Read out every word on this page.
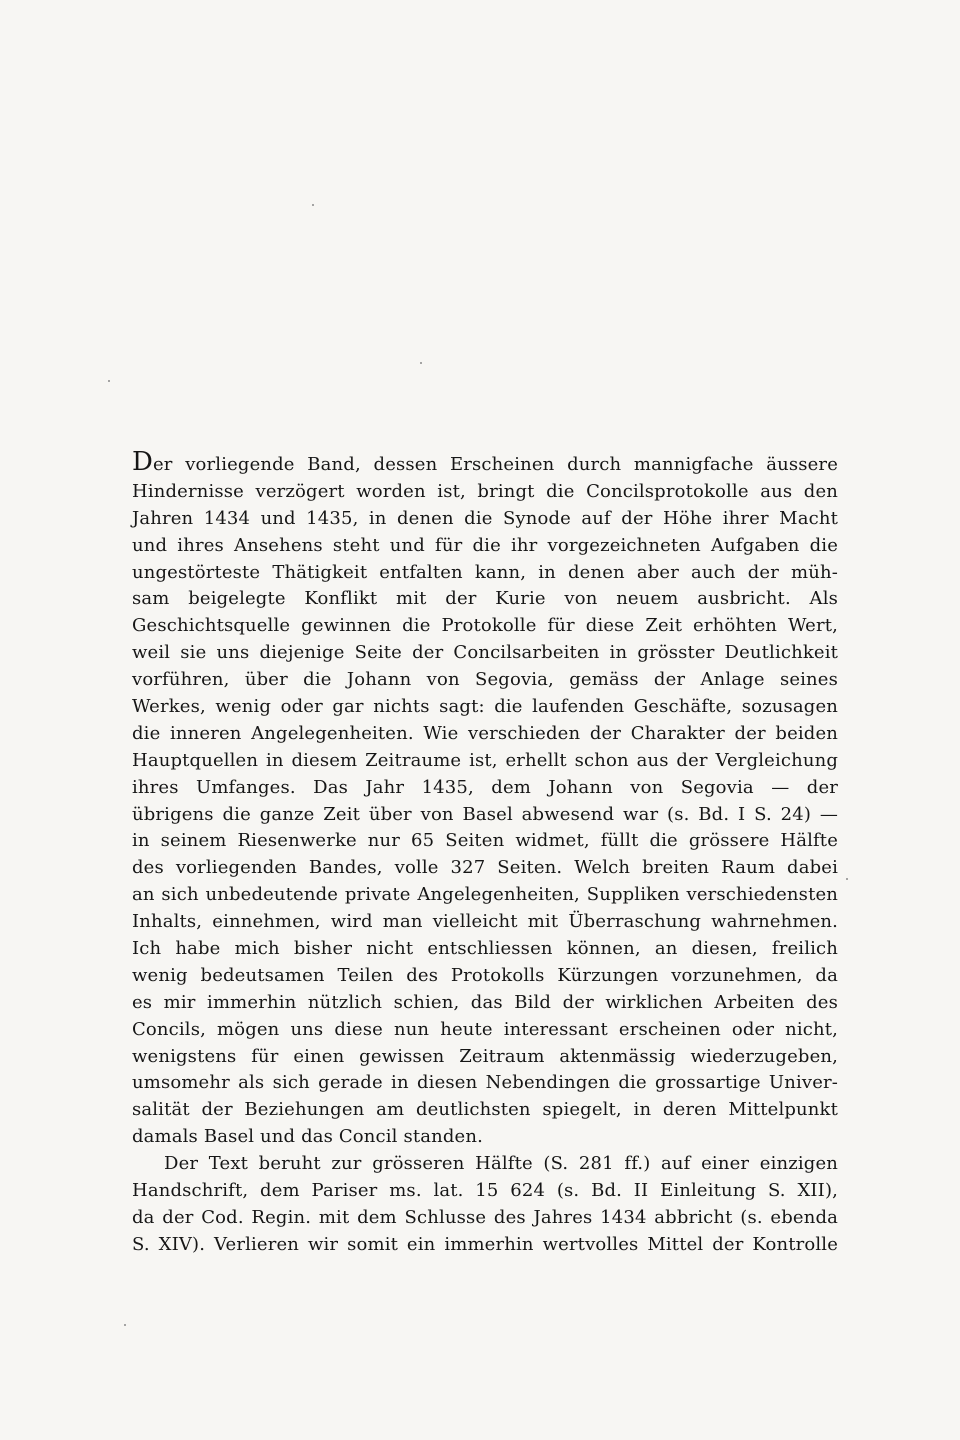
Der vorliegende Band, dessen Erscheinen durch mannigfache äussere
Hindernisse verzögert worden ist, bringt die Concilsprotokolle aus den
Jahren 1434 und 1435, in denen die Synode auf der Höhe ihrer Macht
und ihres Ansehens steht und für die ihr vorgezeichneten Aufgaben die
ungestörteste Thätigkeit entfalten kann, in denen aber auch der müh-
sam beigelegte Konflikt mit der Kurie von neuem ausbricht. Als
Geschichtsquelle gewinnen die Protokolle für diese Zeit erhöhten Wert,
weil sie uns diejenige Seite der Concilsarbeiten in grösster Deutlichkeit
vorführen, über die Johann von Segovia, gemäss der Anlage seines
Werkes, wenig oder gar nichts sagt: die laufenden Geschäfte, sozusagen
die inneren Angelegenheiten. Wie verschieden der Charakter der beiden
Hauptquellen in diesem Zeitraume ist, erhellt schon aus der Vergleichung
ihres Umfanges. Das Jahr 1435, dem Johann von Segovia — der
übrigens die ganze Zeit über von Basel abwesend war (s. Bd. I S. 24) —
in seinem Riesenwerke nur 65 Seiten widmet, füllt die grössere Hälfte
des vorliegenden Bandes, volle 327 Seiten. Welch breiten Raum dabei
an sich unbedeutende private Angelegenheiten, Suppliken verschiedensten
Inhalts, einnehmen, wird man vielleicht mit Überraschung wahrnehmen.
Ich habe mich bisher nicht entschliessen können, an diesen, freilich
wenig bedeutsamen Teilen des Protokolls Kürzungen vorzunehmen, da
es mir immerhin nützlich schien, das Bild der wirklichen Arbeiten des
Concils, mögen uns diese nun heute interessant erscheinen oder nicht,
wenigstens für einen gewissen Zeitraum aktenmässig wiederzugeben,
umsomehr als sich gerade in diesen Nebendingen die grossartige Univer-
salität der Beziehungen am deutlichsten spiegelt, in deren Mittelpunkt
damals Basel und das Concil standen.
Der Text beruht zur grösseren Hälfte (S. 281 ff.) auf einer einzigen
Handschrift, dem Pariser ms. lat. 15 624 (s. Bd. II Einleitung S. XII),
da der Cod. Regin. mit dem Schlusse des Jahres 1434 abbricht (s. ebenda
S. XIV). Verlieren wir somit ein immerhin wertvolles Mittel der Kontrolle
